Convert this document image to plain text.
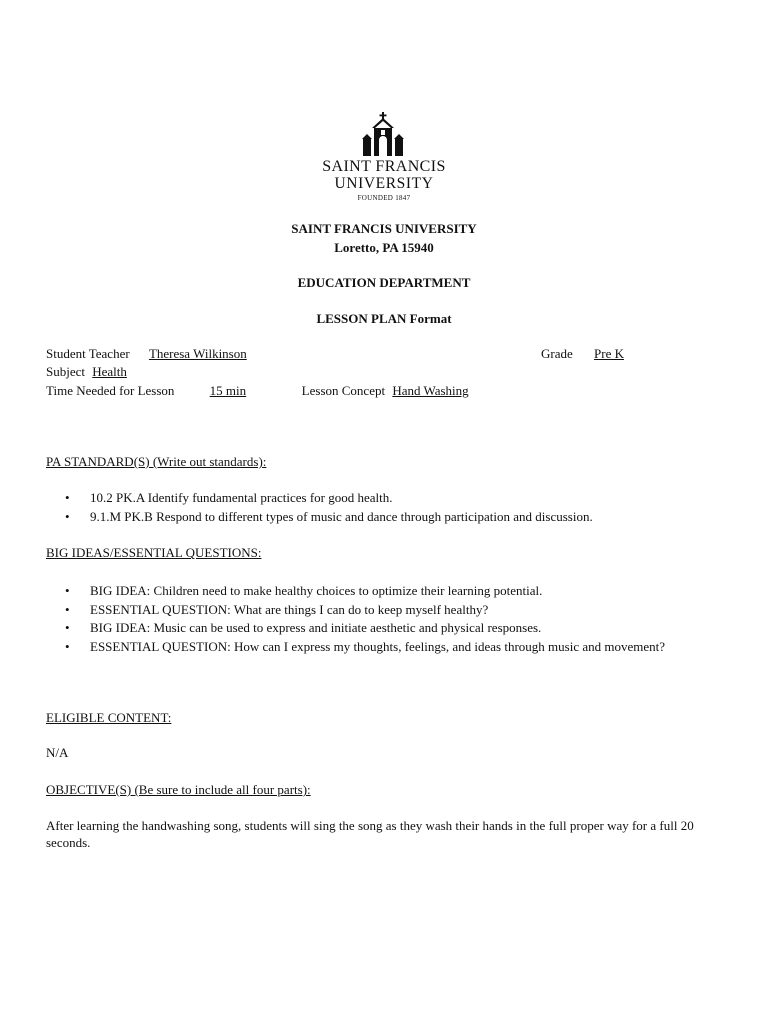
SAINT FRANCIS
UNIVERSITY
FOUNDED 1847
SAINT FRANCIS UNIVERSITY
Loretto, PA 15940
EDUCATION DEPARTMENT
LESSON PLAN Format
Student Teacher Theresa Wilkinson	Grade Pre K
Subject Health
Time Needed for Lesson	15 min	Lesson Concept Hand Washing
PA STANDARD(S) (Write out standards):
• 10.2 PK.A Identify fundamental practices for good health.
• 9.1.M PK.B Respond to different types of music and dance through participation and discussion.
BIG IDEAS/ESSENTIAL QUESTIONS:
• BIG IDEA: Children need to make healthy choices to optimize their learning potential.
• ESSENTIAL QUESTION: What are things I can do to keep myself healthy?
• BIG IDEA: Music can be used to express and initiate aesthetic and physical responses.
• ESSENTIAL QUESTION: How can I express my thoughts, feelings, and ideas through music and movement?
ELIGIBLE CONTENT:
N/A
OBJECTIVE(S) (Be sure to include all four parts):
After learning the handwashing song, students will sing the song as they wash their hands in the full proper way for a full 20 seconds.
